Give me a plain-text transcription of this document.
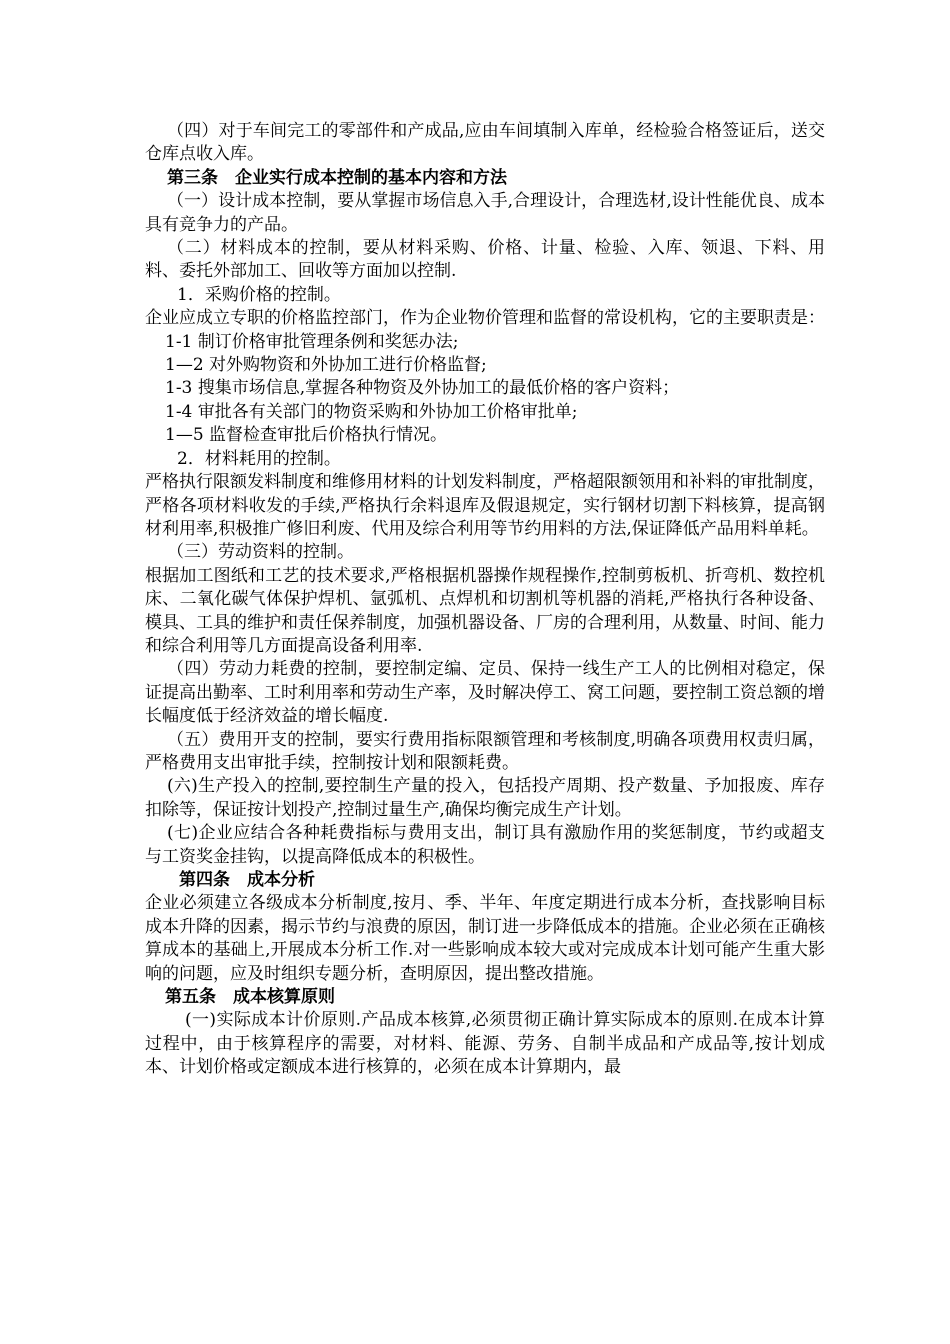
（四）对于车间完工的零部件和产成品,应由车间填制入库单，经检验合格签证后，送交仓库点收入库。

第三条　企业实行成本控制的基本内容和方法

（一）设计成本控制，要从掌握市场信息入手,合理设计，合理选材,设计性能优良、成本具有竞争力的产品。

（二）材料成本的控制，要从材料采购、价格、计量、检验、入库、领退、下料、用料、委托外部加工、回收等方面加以控制.

1．采购价格的控制。

企业应成立专职的价格监控部门，作为企业物价管理和监督的常设机构，它的主要职责是：

1-1 制订价格审批管理条例和奖惩办法;

1—2 对外购物资和外协加工进行价格监督;

1-3 搜集市场信息,掌握各种物资及外协加工的最低价格的客户资料；

1-4 审批各有关部门的物资采购和外协加工价格审批单;

1—5 监督检查审批后价格执行情况。

2．材料耗用的控制。

严格执行限额发料制度和维修用材料的计划发料制度，严格超限额领用和补料的审批制度，严格各项材料收发的手续,严格执行余料退库及假退规定，实行钢材切割下料核算，提高钢材利用率,积极推广修旧利废、代用及综合利用等节约用料的方法,保证降低产品用料单耗。

（三）劳动资料的控制。

根据加工图纸和工艺的技术要求,严格根据机器操作规程操作,控制剪板机、折弯机、数控机床、二氧化碳气体保护焊机、氩弧机、点焊机和切割机等机器的消耗,严格执行各种设备、模具、工具的维护和责任保养制度，加强机器设备、厂房的合理利用，从数量、时间、能力和综合利用等几方面提高设备利用率.

（四）劳动力耗费的控制，要控制定编、定员、保持一线生产工人的比例相对稳定，保证提高出勤率、工时利用率和劳动生产率，及时解决停工、窝工问题，要控制工资总额的增长幅度低于经济效益的增长幅度.

（五）费用开支的控制，要实行费用指标限额管理和考核制度,明确各项费用权责归属，严格费用支出审批手续，控制按计划和限额耗费。

(六)生产投入的控制,要控制生产量的投入，包括投产周期、投产数量、予加报废、库存扣除等，保证按计划投产,控制过量生产,确保均衡完成生产计划。

(七)企业应结合各种耗费指标与费用支出，制订具有激励作用的奖惩制度，节约或超支与工资奖金挂钩，以提高降低成本的积极性。

第四条　成本分析

企业必须建立各级成本分析制度,按月、季、半年、年度定期进行成本分析，查找影响目标成本升降的因素，揭示节约与浪费的原因，制订进一步降低成本的措施。企业必须在正确核算成本的基础上,开展成本分析工作.对一些影响成本较大或对完成成本计划可能产生重大影响的问题，应及时组织专题分析，查明原因，提出整改措施。

第五条　成本核算原则

(一)实际成本计价原则.产品成本核算,必须贯彻正确计算实际成本的原则.在成本计算过程中，由于核算程序的需要，对材料、能源、劳务、自制半成品和产成品等,按计划成本、计划价格或定额成本进行核算的，必须在成本计算期内，最
